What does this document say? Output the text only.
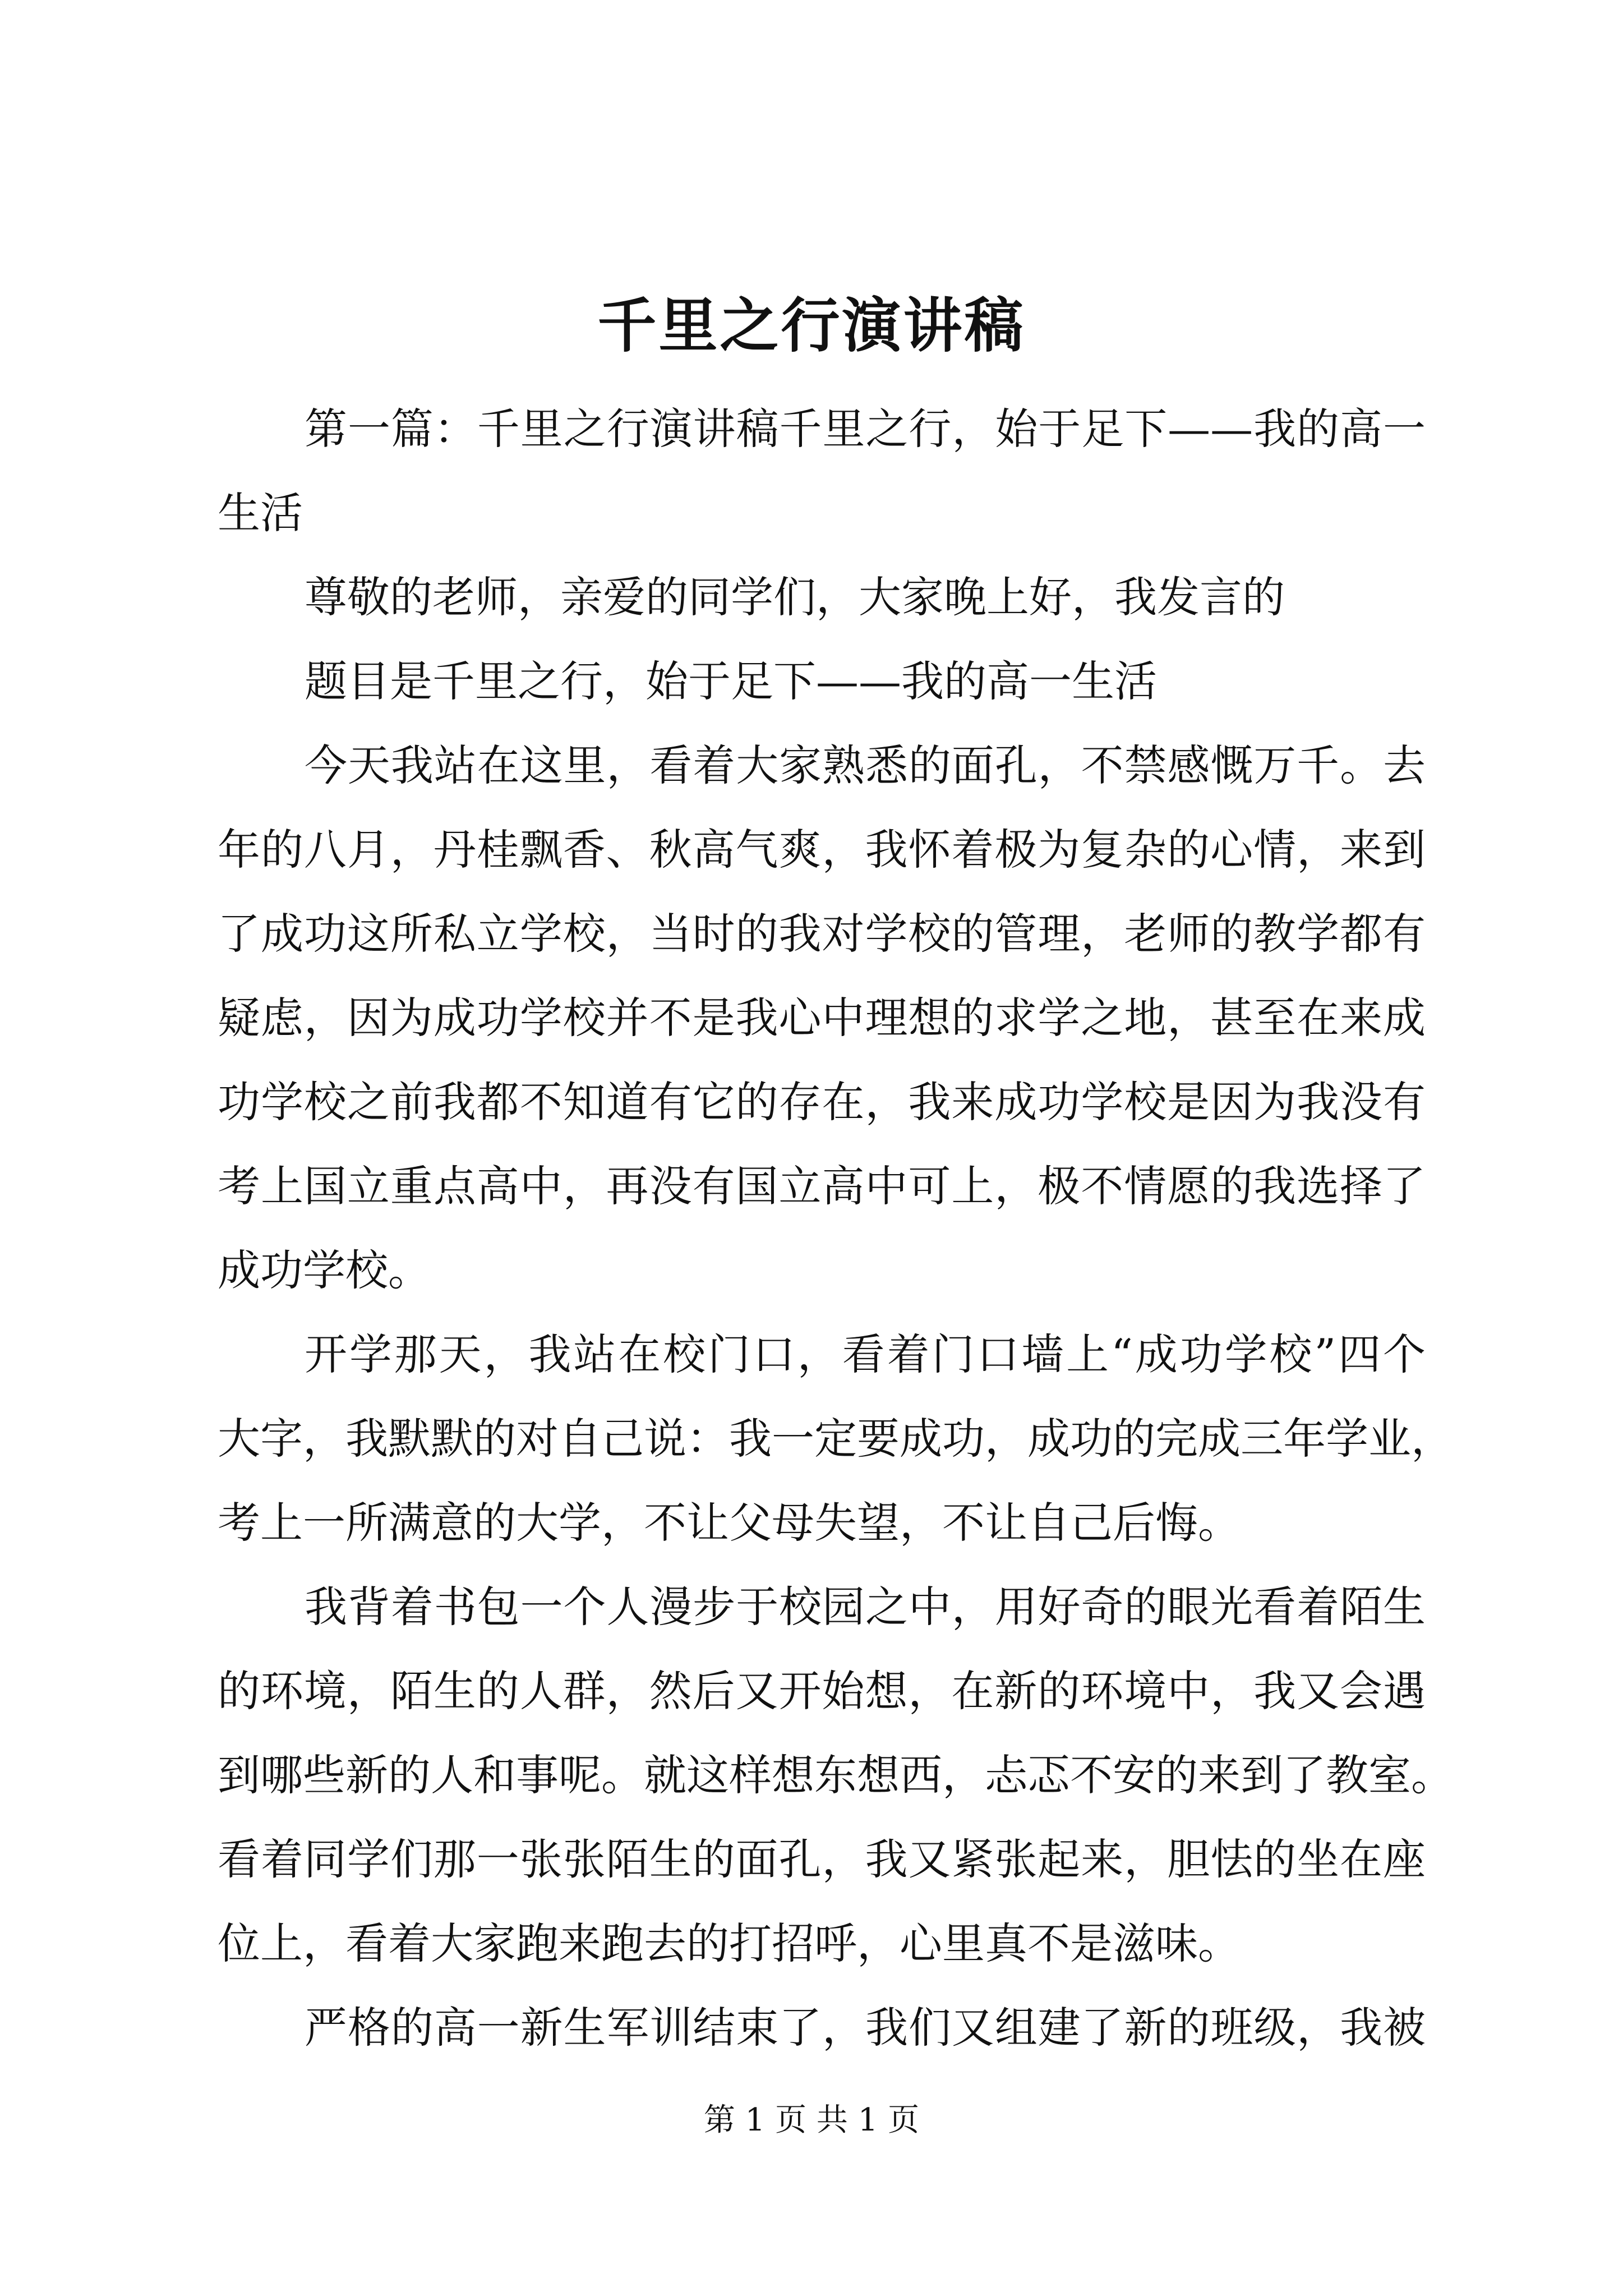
千里之行演讲稿
第一篇：千里之行演讲稿千里之行，始于足下——我的高一
生活
尊敬的老师，亲爱的同学们，大家晚上好，我发言的
题目是千里之行，始于足下——我的高一生活
今天我站在这里，看着大家熟悉的面孔，不禁感慨万千。去
年的八月，丹桂飘香、秋高气爽，我怀着极为复杂的心情，来到
了成功这所私立学校，当时的我对学校的管理，老师的教学都有
疑虑，因为成功学校并不是我心中理想的求学之地，甚至在来成
功学校之前我都不知道有它的存在，我来成功学校是因为我没有
考上国立重点高中，再没有国立高中可上，极不情愿的我选择了
成功学校。
开学那天，我站在校门口，看着门口墙上“成功学校”四个
大字，我默默的对自己说：我一定要成功，成功的完成三年学业，
考上一所满意的大学，不让父母失望，不让自己后悔。
我背着书包一个人漫步于校园之中，用好奇的眼光看着陌生
的环境，陌生的人群，然后又开始想，在新的环境中，我又会遇
到哪些新的人和事呢。就这样想东想西，忐忑不安的来到了教室。
看着同学们那一张张陌生的面孔，我又紧张起来，胆怯的坐在座
位上，看着大家跑来跑去的打招呼，心里真不是滋味。
严格的高一新生军训结束了，我们又组建了新的班级，我被
第 1 页 共 1 页
